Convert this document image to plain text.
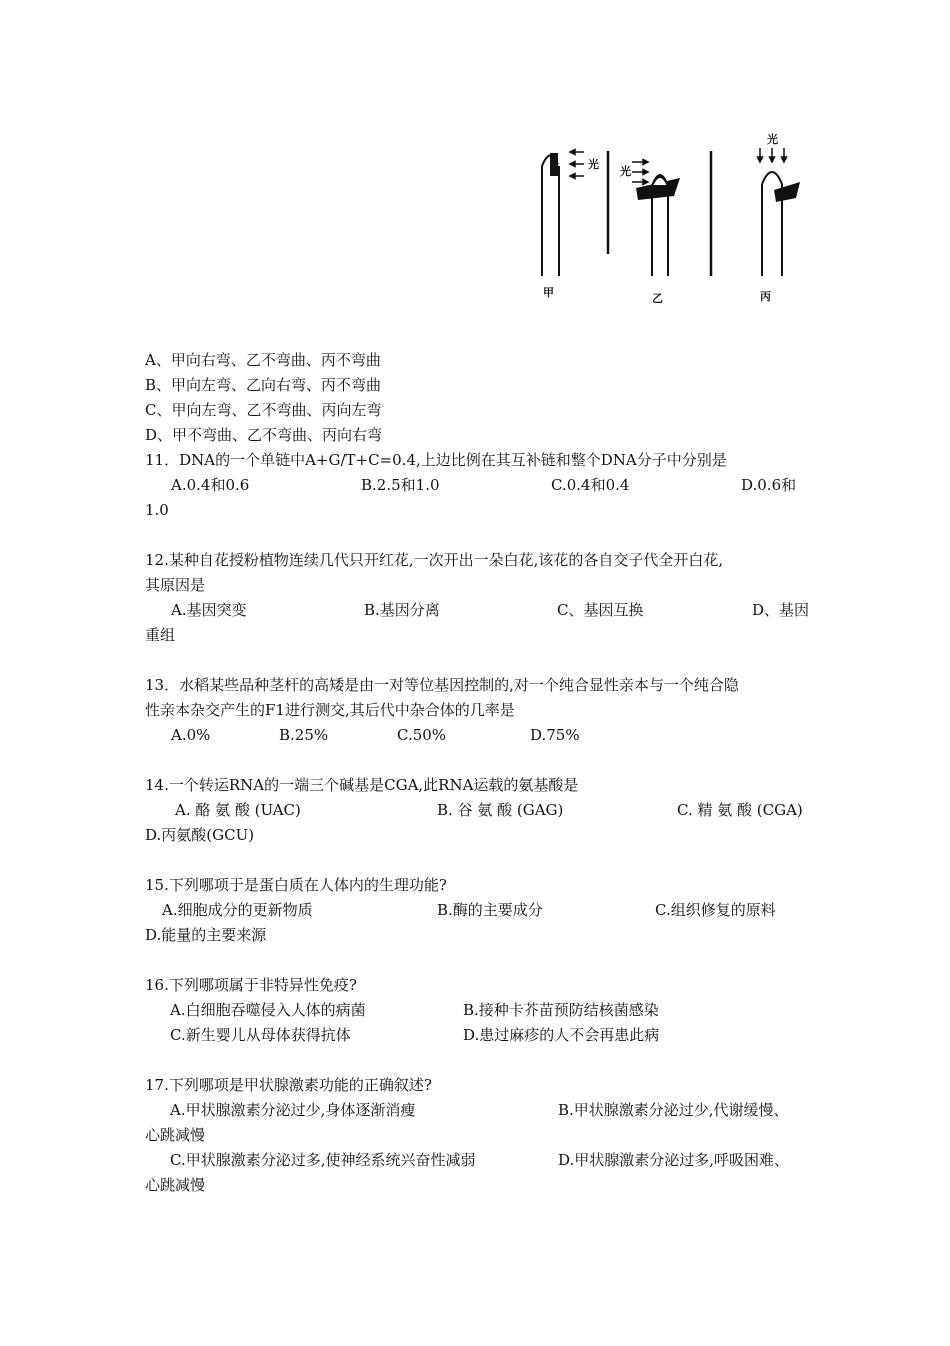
光
光
光
甲	乙	丙
A、甲向右弯、乙不弯曲、丙不弯曲
B、甲向左弯、乙向右弯、丙不弯曲
C、甲向左弯、乙不弯曲、丙向左弯
D、甲不弯曲、乙不弯曲、丙向右弯
11．DNA的一个单链中A+G/T+C=0.4,上边比例在其互补链和整个DNA分子中分别是
A.0.4和0.6	B.2.5和1.0	C.0.4和0.4	D.0.6和
1.0
12.某种自花授粉植物连续几代只开红花,一次开出一朵白花,该花的各自交子代全开白花,
其原因是
A.基因突变	B.基因分离	C、基因互换	D、基因
重组
13．水稻某些品种茎杆的高矮是由一对等位基因控制的,对一个纯合显性亲本与一个纯合隐
性亲本杂交产生的F1进行测交,其后代中杂合体的几率是
A.0%	B.25%	C.50%	D.75%
14.一个转运RNA的一端三个碱基是CGA,此RNA运载的氨基酸是
A. 酪 氨 酸 (UAC)	B. 谷 氨 酸 (GAG)	C. 精 氨 酸 (CGA)
D.丙氨酸(GCU)
15.下列哪项于是蛋白质在人体内的生理功能?
A.细胞成分的更新物质	B.酶的主要成分	C.组织修复的原料
D.能量的主要来源
16.下列哪项属于非特异性免疫?
A.白细胞吞噬侵入人体的病菌	B.接种卡芥苗预防结核菌感染
C.新生婴儿从母体获得抗体	D.患过麻疹的人不会再患此病
17.下列哪项是甲状腺激素功能的正确叙述?
A.甲状腺激素分泌过少,身体逐渐消瘦	B.甲状腺激素分泌过少,代谢缓慢、
心跳减慢
C.甲状腺激素分泌过多,使神经系统兴奋性减弱	D.甲状腺激素分泌过多,呼吸困难、
心跳减慢
